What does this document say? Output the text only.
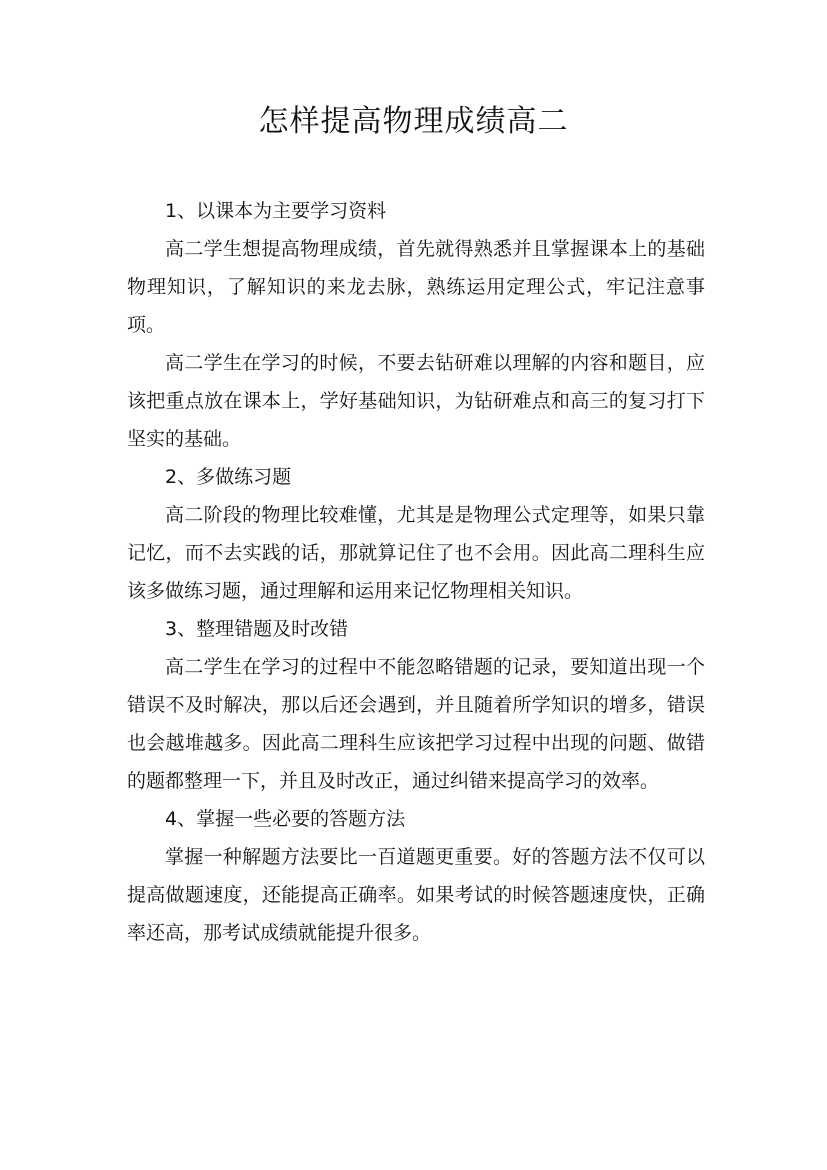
怎样提高物理成绩高二

1、以课本为主要学习资料

高二学生想提高物理成绩，首先就得熟悉并且掌握课本上的基础物理知识，了解知识的来龙去脉，熟练运用定理公式，牢记注意事项。

高二学生在学习的时候，不要去钻研难以理解的内容和题目，应该把重点放在课本上，学好基础知识，为钻研难点和高三的复习打下坚实的基础。

2、多做练习题

高二阶段的物理比较难懂，尤其是是物理公式定理等，如果只靠记忆，而不去实践的话，那就算记住了也不会用。因此高二理科生应该多做练习题，通过理解和运用来记忆物理相关知识。

3、整理错题及时改错

高二学生在学习的过程中不能忽略错题的记录，要知道出现一个错误不及时解决，那以后还会遇到，并且随着所学知识的增多，错误也会越堆越多。因此高二理科生应该把学习过程中出现的问题、做错的题都整理一下，并且及时改正，通过纠错来提高学习的效率。

4、掌握一些必要的答题方法

掌握一种解题方法要比一百道题更重要。好的答题方法不仅可以提高做题速度，还能提高正确率。如果考试的时候答题速度快，正确率还高，那考试成绩就能提升很多。
